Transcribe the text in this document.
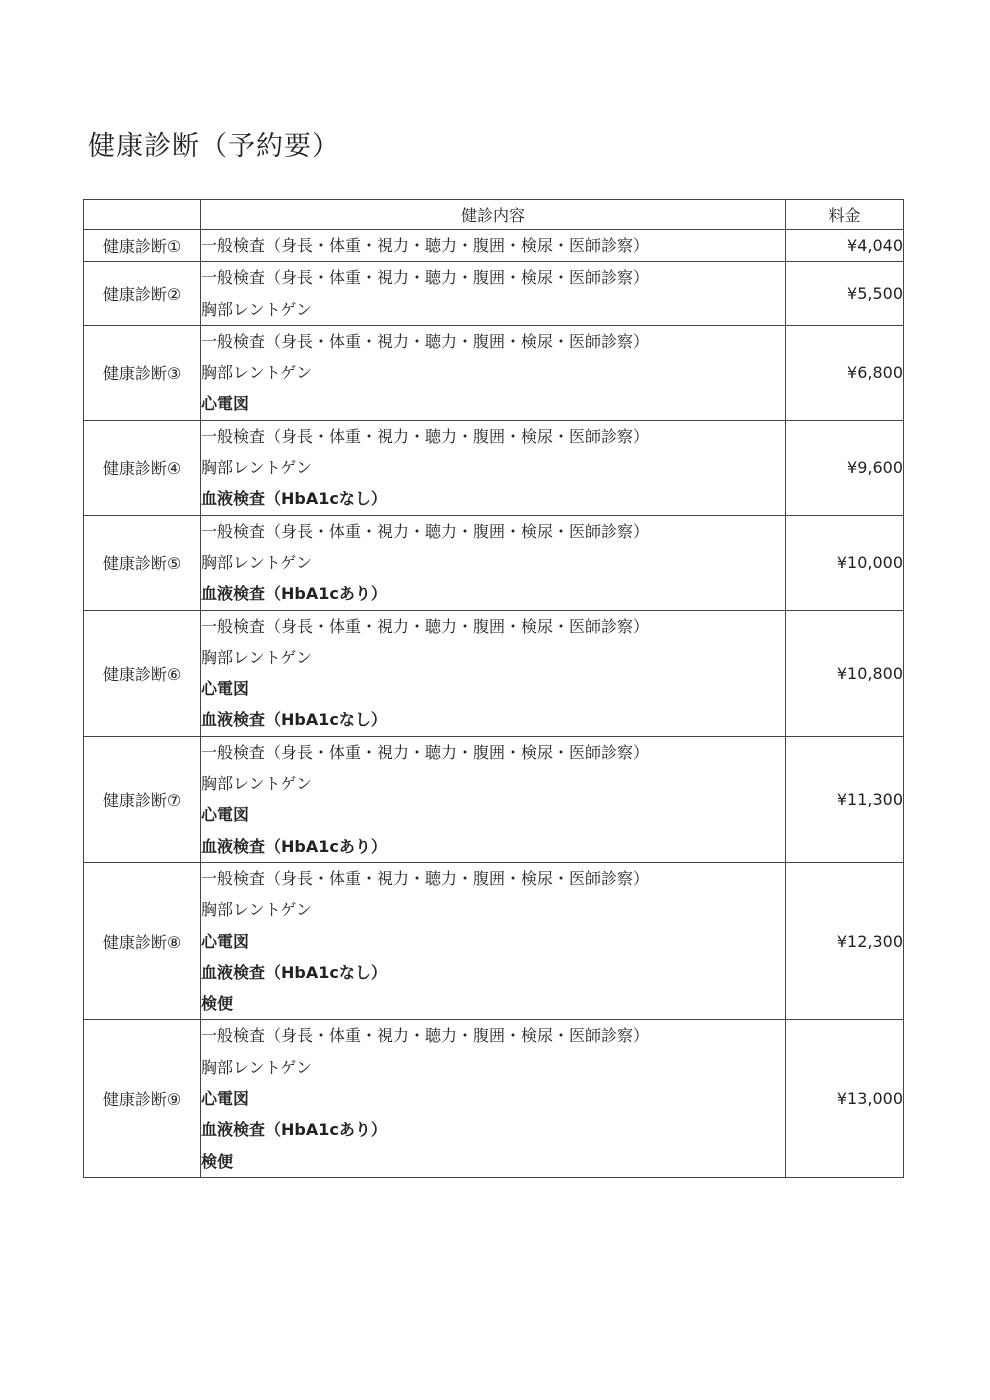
健康診断（予約要）
	健診内容	料金
健康診断①	一般検査（身長・体重・視力・聴力・腹囲・検尿・医師診察）	¥4,040
健康診断②	一般検査（身長・体重・視力・聴力・腹囲・検尿・医師診察）
胸部レントゲン	¥5,500
健康診断③	一般検査（身長・体重・視力・聴力・腹囲・検尿・医師診察）
胸部レントゲン
心電図	¥6,800
健康診断④	一般検査（身長・体重・視力・聴力・腹囲・検尿・医師診察）
胸部レントゲン
血液検査（HbA1cなし）	¥9,600
健康診断⑤	一般検査（身長・体重・視力・聴力・腹囲・検尿・医師診察）
胸部レントゲン
血液検査（HbA1cあり）	¥10,000
健康診断⑥	一般検査（身長・体重・視力・聴力・腹囲・検尿・医師診察）
胸部レントゲン
心電図
血液検査（HbA1cなし）	¥10,800
健康診断⑦	一般検査（身長・体重・視力・聴力・腹囲・検尿・医師診察）
胸部レントゲン
心電図
血液検査（HbA1cあり）	¥11,300
健康診断⑧	一般検査（身長・体重・視力・聴力・腹囲・検尿・医師診察）
胸部レントゲン
心電図
血液検査（HbA1cなし）
検便	¥12,300
健康診断⑨	一般検査（身長・体重・視力・聴力・腹囲・検尿・医師診察）
胸部レントゲン
心電図
血液検査（HbA1cあり）
検便	¥13,000
